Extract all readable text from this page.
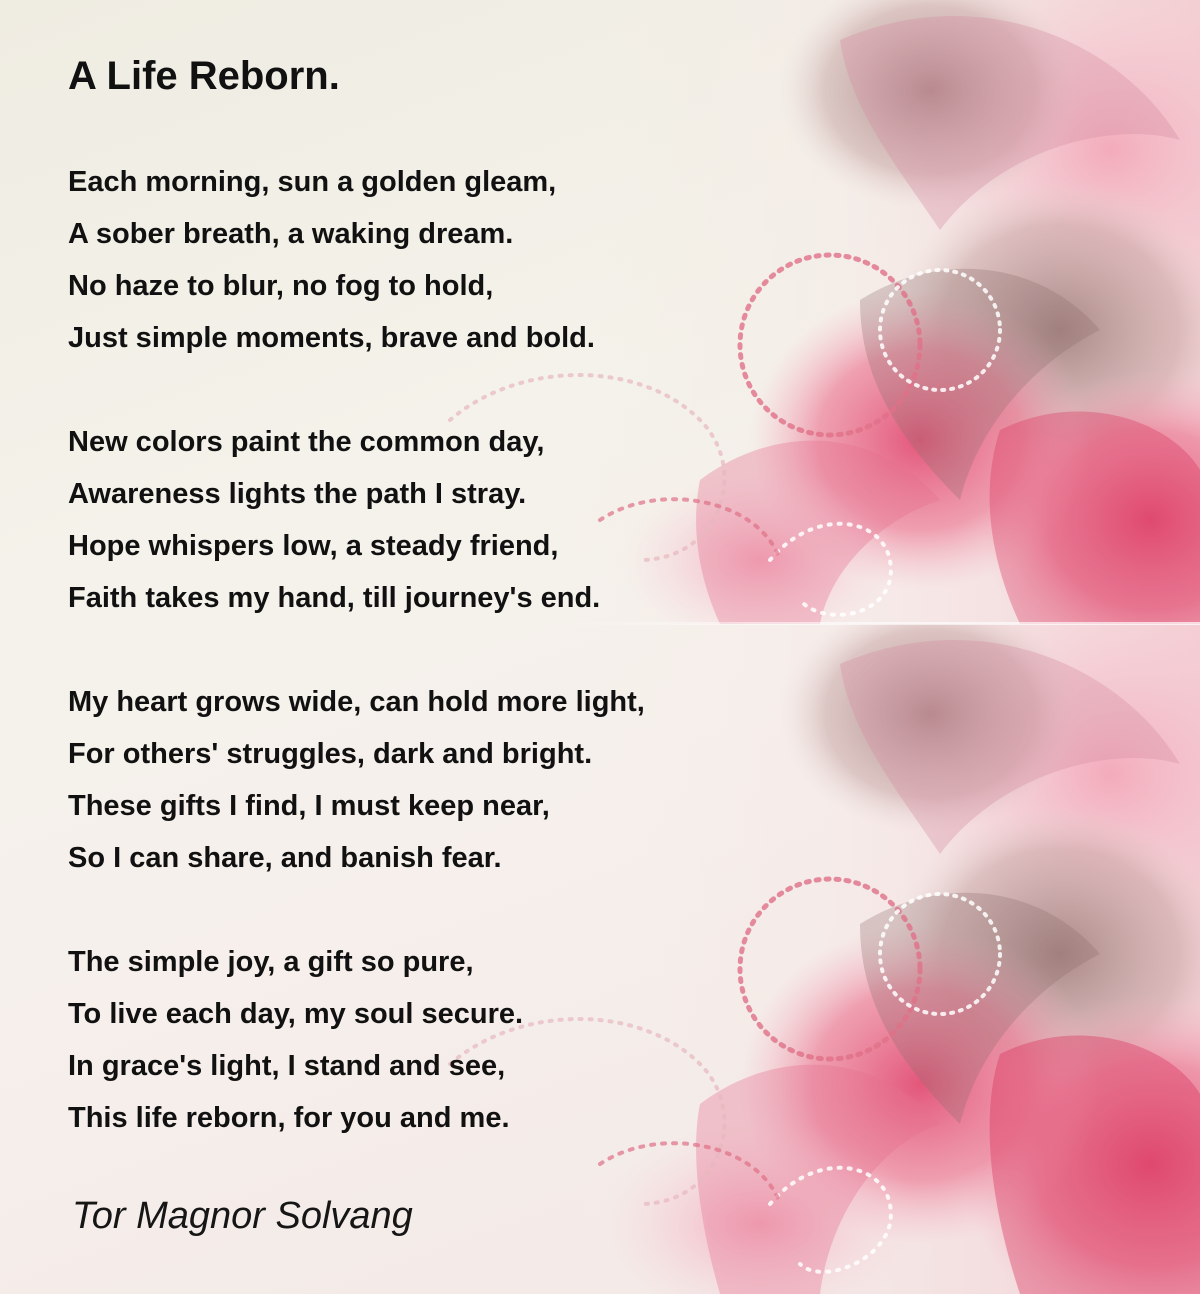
A Life Reborn.
Each morning, sun a golden gleam,
A sober breath, a waking dream.
No haze to blur, no fog to hold,
Just simple moments, brave and bold.
New colors paint the common day,
Awareness lights the path I stray.
Hope whispers low, a steady friend,
Faith takes my hand, till journey's end.
My heart grows wide, can hold more light,
For others' struggles, dark and bright.
These gifts I find, I must keep near,
So I can share, and banish fear.
The simple joy, a gift so pure,
To live each day, my soul secure.
In grace's light, I stand and see,
This life reborn, for you and me.
Tor Magnor Solvang
